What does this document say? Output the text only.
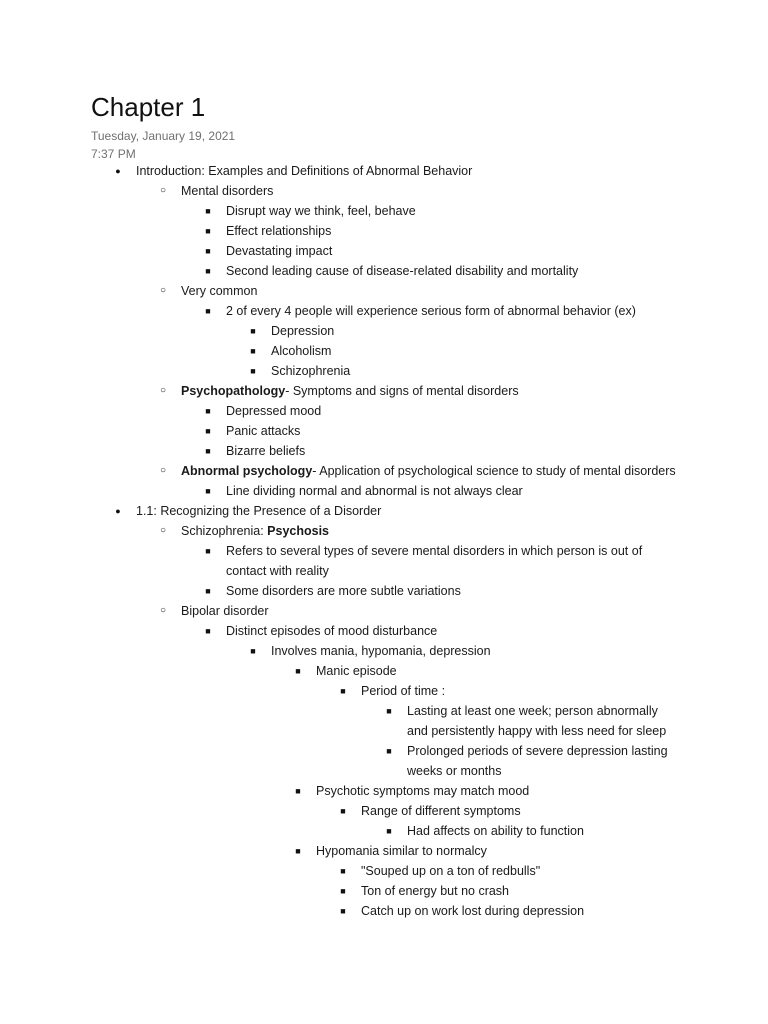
Chapter 1
Tuesday, January 19, 2021
7:37 PM
●	Introduction: Examples and Definitions of Abnormal Behavior
○	Mental disorders
■	Disrupt way we think, feel, behave
■	Effect relationships
■	Devastating impact
■	Second leading cause of disease-related disability and mortality
○	Very common
■	2 of every 4 people will experience serious form of abnormal behavior (ex)
■	Depression
■	Alcoholism
■	Schizophrenia
○	Psychopathology- Symptoms and signs of mental disorders
■	Depressed mood
■	Panic attacks
■	Bizarre beliefs
○	Abnormal psychology- Application of psychological science to study of mental disorders
■	Line dividing normal and abnormal is not always clear
●	1.1: Recognizing the Presence of a Disorder
○	Schizophrenia: Psychosis
■	Refers to several types of severe mental disorders in which person is out of contact with reality
■	Some disorders are more subtle variations
○	Bipolar disorder
■	Distinct episodes of mood disturbance
■	Involves mania, hypomania, depression
■	Manic episode
■	Period of time :
■	Lasting at least one week; person abnormally and persistently happy with less need for sleep
■	Prolonged periods of severe depression lasting weeks or months
■	Psychotic symptoms may match mood
■	Range of different symptoms
■	Had affects on ability to function
■	Hypomania similar to normalcy
■	"Souped up on a ton of redbulls"
■	Ton of energy but no crash
■	Catch up on work lost during depression
